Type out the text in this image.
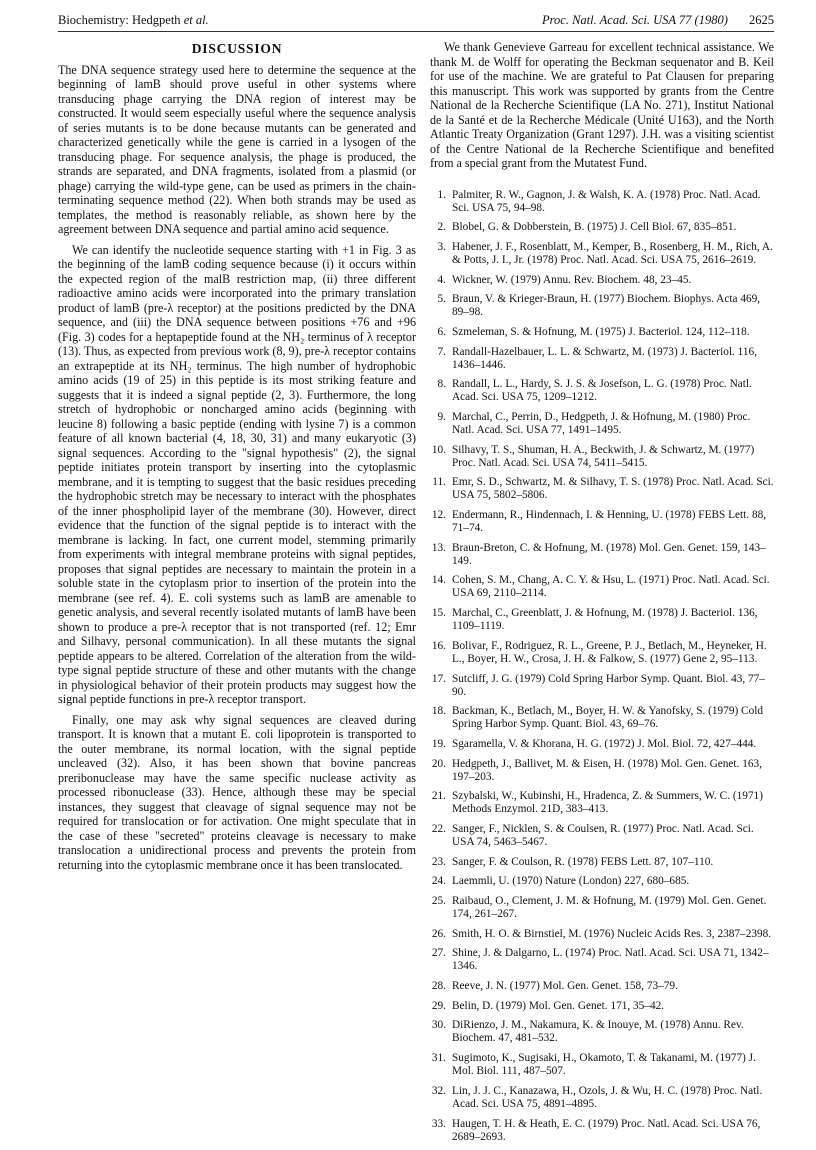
Biochemistry: Hedgpeth et al.	Proc. Natl. Acad. Sci. USA 77 (1980) 2625
DISCUSSION

The DNA sequence strategy used here to determine the sequence at the beginning of lamB should prove useful in other systems where transducing phage carrying the DNA region of interest may be constructed. It would seem especially useful where the sequence analysis of series mutants is to be done because mutants can be generated and characterized genetically while the gene is carried in a lysogen of the transducing phage. For sequence analysis, the phage is produced, the strands are separated, and DNA fragments, isolated from a plasmid (or phage) carrying the wild-type gene, can be used as primers in the chain-terminating sequence method (22). When both strands may be used as templates, the method is reasonably reliable, as shown here by the agreement between DNA sequence and partial amino acid sequence.

We can identify the nucleotide sequence starting with +1 in Fig. 3 as the beginning of the lamB coding sequence because (i) it occurs within the expected region of the malB restriction map, (ii) three different radioactive amino acids were incorporated into the primary translation product of lamB (pre-λ receptor) at the positions predicted by the DNA sequence, and (iii) the DNA sequence between positions +76 and +96 (Fig. 3) codes for a heptapeptide found at the NH₂ terminus of λ receptor (13). Thus, as expected from previous work (8, 9), pre-λ receptor contains an extrapeptide at its NH₂ terminus. The high number of hydrophobic amino acids (19 of 25) in this peptide is its most striking feature and suggests that it is indeed a signal peptide (2, 3). Furthermore, the long stretch of hydrophobic or noncharged amino acids (beginning with leucine 8) following a basic peptide (ending with lysine 7) is a common feature of all known bacterial (4, 18, 30, 31) and many eukaryotic (3) signal sequences. According to the "signal hypothesis" (2), the signal peptide initiates protein transport by inserting into the cytoplasmic membrane, and it is tempting to suggest that the basic residues preceding the hydrophobic stretch may be necessary to interact with the phosphates of the inner phospholipid layer of the membrane (30). However, direct evidence that the function of the signal peptide is to interact with the membrane is lacking. In fact, one current model, stemming primarily from experiments with integral membrane proteins with signal peptides, proposes that signal peptides are necessary to maintain the protein in a soluble state in the cytoplasm prior to insertion of the protein into the membrane (see ref. 4). E. coli systems such as lamB are amenable to genetic analysis, and several recently isolated mutants of lamB have been shown to produce a pre-λ receptor that is not transported (ref. 12; Emr and Silhavy, personal communication). In all these mutants the signal peptide appears to be altered. Correlation of the alteration from the wild-type signal peptide structure of these and other mutants with the change in physiological behavior of their protein products may suggest how the signal peptide functions in pre-λ receptor transport.

Finally, one may ask why signal sequences are cleaved during transport. It is known that a mutant E. coli lipoprotein is transported to the outer membrane, its normal location, with the signal peptide uncleaved (32). Also, it has been shown that bovine pancreas preribonuclease may have the same specific nuclease activity as processed ribonuclease (33). Hence, although these may be special instances, they suggest that cleavage of signal sequence may not be required for translocation or for activation. One might speculate that in the case of these "secreted" proteins cleavage is necessary to make translocation a unidirectional process and prevents the protein from returning into the cytoplasmic membrane once it has been translocated.

We thank Genevieve Garreau for excellent technical assistance. We thank M. de Wolff for operating the Beckman sequenator and B. Keil for use of the machine. We are grateful to Pat Clausen for preparing this manuscript. This work was supported by grants from the Centre National de la Recherche Scientifique (LA No. 271), Institut National de la Santé et de la Recherche Médicale (Unité U163), and the North Atlantic Treaty Organization (Grant 1297). J.H. was a visiting scientist of the Centre National de la Recherche Scientifique and benefited from a special grant from the Mutatest Fund.

1. Palmiter, R. W., Gagnon, J. & Walsh, K. A. (1978) Proc. Natl. Acad. Sci. USA 75, 94–98.
2. Blobel, G. & Dobberstein, B. (1975) J. Cell Biol. 67, 835–851.
3. Habener, J. F., Rosenblatt, M., Kemper, B., Rosenberg, H. M., Rich, A. & Potts, J. I., Jr. (1978) Proc. Natl. Acad. Sci. USA 75, 2616–2619.
4. Wickner, W. (1979) Annu. Rev. Biochem. 48, 23–45.
5. Braun, V. & Krieger-Braun, H. (1977) Biochem. Biophys. Acta 469, 89–98.
6. Szmeleman, S. & Hofnung, M. (1975) J. Bacteriol. 124, 112–118.
7. Randall-Hazelbauer, L. L. & Schwartz, M. (1973) J. Bacteriol. 116, 1436–1446.
8. Randall, L. L., Hardy, S. J. S. & Josefson, L. G. (1978) Proc. Natl. Acad. Sci. USA 75, 1209–1212.
9. Marchal, C., Perrin, D., Hedgpeth, J. & Hofnung, M. (1980) Proc. Natl. Acad. Sci. USA 77, 1491–1495.
10. Silhavy, T. S., Shuman, H. A., Beckwith, J. & Schwartz, M. (1977) Proc. Natl. Acad. Sci. USA 74, 5411–5415.
11. Emr, S. D., Schwartz, M. & Silhavy, T. S. (1978) Proc. Natl. Acad. Sci. USA 75, 5802–5806.
12. Endermann, R., Hindennach, I. & Henning, U. (1978) FEBS Lett. 88, 71–74.
13. Braun-Breton, C. & Hofnung, M. (1978) Mol. Gen. Genet. 159, 143–149.
14. Cohen, S. M., Chang, A. C. Y. & Hsu, L. (1971) Proc. Natl. Acad. Sci. USA 69, 2110–2114.
15. Marchal, C., Greenblatt, J. & Hofnung, M. (1978) J. Bacteriol. 136, 1109–1119.
16. Bolivar, F., Rodriguez, R. L., Greene, P. J., Betlach, M., Heyneker, H. L., Boyer, H. W., Crosa, J. H. & Falkow, S. (1977) Gene 2, 95–113.
17. Sutcliff, J. G. (1979) Cold Spring Harbor Symp. Quant. Biol. 43, 77–90.
18. Backman, K., Betlach, M., Boyer, H. W. & Yanofsky, S. (1979) Cold Spring Harbor Symp. Quant. Biol. 43, 69–76.
19. Sgaramella, V. & Khorana, H. G. (1972) J. Mol. Biol. 72, 427–444.
20. Hedgpeth, J., Ballivet, M. & Eisen, H. (1978) Mol. Gen. Genet. 163, 197–203.
21. Szybalski, W., Kubinshi, H., Hradenca, Z. & Summers, W. C. (1971) Methods Enzymol. 21D, 383–413.
22. Sanger, F., Nicklen, S. & Coulsen, R. (1977) Proc. Natl. Acad. Sci. USA 74, 5463–5467.
23. Sanger, F. & Coulson, R. (1978) FEBS Lett. 87, 107–110.
24. Laemmli, U. (1970) Nature (London) 227, 680–685.
25. Raibaud, O., Clement, J. M. & Hofnung, M. (1979) Mol. Gen. Genet. 174, 261–267.
26. Smith, H. O. & Birnstiel, M. (1976) Nucleic Acids Res. 3, 2387–2398.
27. Shine, J. & Dalgarno, L. (1974) Proc. Natl. Acad. Sci. USA 71, 1342–1346.
28. Reeve, J. N. (1977) Mol. Gen. Genet. 158, 73–79.
29. Belin, D. (1979) Mol. Gen. Genet. 171, 35–42.
30. DiRienzo, J. M., Nakamura, K. & Inouye, M. (1978) Annu. Rev. Biochem. 47, 481–532.
31. Sugimoto, K., Sugisaki, H., Okamoto, T. & Takanami, M. (1977) J. Mol. Biol. 111, 487–507.
32. Lin, J. J. C., Kanazawa, H., Ozols, J. & Wu, H. C. (1978) Proc. Natl. Acad. Sci. USA 75, 4891–4895.
33. Haugen, T. H. & Heath, E. C. (1979) Proc. Natl. Acad. Sci. USA 76, 2689–2693.
